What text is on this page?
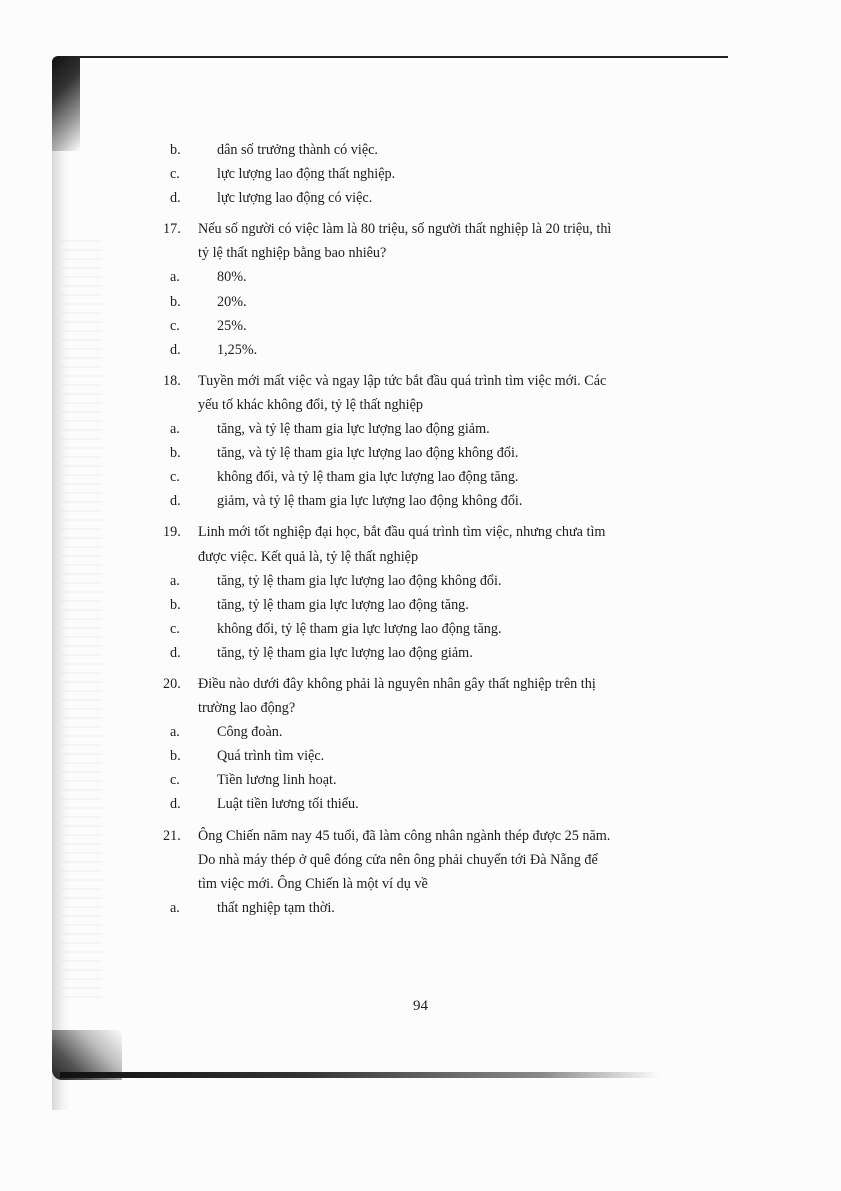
b.	dân số trưởng thành có việc.
c.	lực lượng lao động thất nghiệp.
d.	lực lượng lao động có việc.
17. Nếu số người có việc làm là 80 triệu, số người thất nghiệp là 20 triệu, thì
tỷ lệ thất nghiệp bằng bao nhiêu?
a.	80%.
b.	20%.
c.	25%.
d.	1,25%.
18. Tuyền mới mất việc và ngay lập tức bắt đầu quá trình tìm việc mới. Các
yếu tố khác không đổi, tỷ lệ thất nghiệp
a.	tăng, và tỷ lệ tham gia lực lượng lao động giảm.
b.	tăng, và tỷ lệ tham gia lực lượng lao động không đổi.
c.	không đổi, và tỷ lệ tham gia lực lượng lao động tăng.
d.	giảm, và tỷ lệ tham gia lực lượng lao động không đổi.
19. Linh mới tốt nghiệp đại học, bắt đầu quá trình tìm việc, nhưng chưa tìm
được việc. Kết quả là, tỷ lệ thất nghiệp
a.	tăng, tỷ lệ tham gia lực lượng lao động không đổi.
b.	tăng, tỷ lệ tham gia lực lượng lao động tăng.
c.	không đổi, tỷ lệ tham gia lực lượng lao động tăng.
d.	tăng, tỷ lệ tham gia lực lượng lao động giảm.
20. Điều nào dưới đây không phải là nguyên nhân gây thất nghiệp trên thị
trường lao động?
a.	Công đoàn.
b.	Quá trình tìm việc.
c.	Tiền lương linh hoạt.
d.	Luật tiền lương tối thiểu.
21. Ông Chiến năm nay 45 tuổi, đã làm công nhân ngành thép được 25 năm.
Do nhà máy thép ở quê đóng cửa nên ông phải chuyển tới Đà Nẵng để
tìm việc mới. Ông Chiến là một ví dụ về
a.	thất nghiệp tạm thời.
94
